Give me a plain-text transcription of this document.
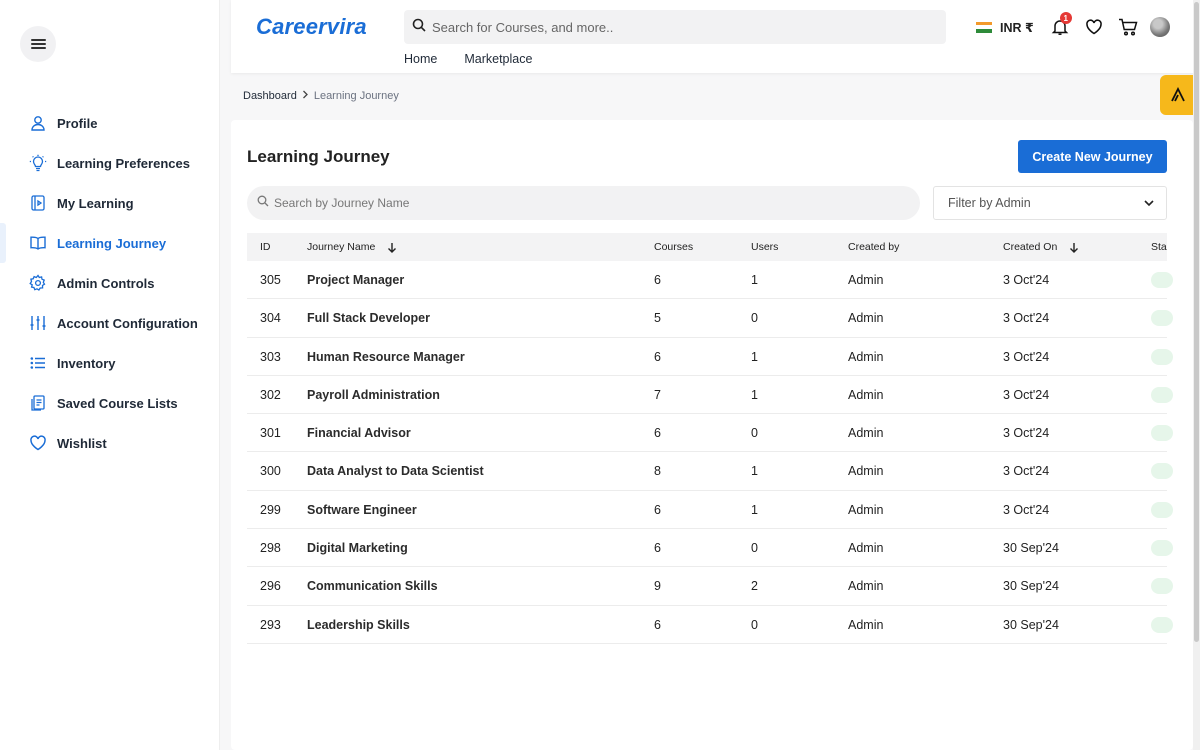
Profile
Learning Preferences
My Learning
Learning Journey
Admin Controls
Account Configuration
Inventory
Saved Course Lists
Wishlist
Careervira
Search for Courses, and more..
Home Marketplace
INR ₹
1
Dashboard Learning Journey
Learning Journey	Create New Journey
Search by Journey Name
Filter by Admin
ID	Journey Name	Courses	Users	Created by	Created On	Sta
305 Project Manager	6	1	Admin	3 Oct'24
304 Full Stack Developer	5	0	Admin	3 Oct'24
303 Human Resource Manager	6	1	Admin	3 Oct'24
302 Payroll Administration	7	1	Admin	3 Oct'24
301 Financial Advisor	6	0	Admin	3 Oct'24
300 Data Analyst to Data Scientist	8	1	Admin	3 Oct'24
299 Software Engineer	6	1	Admin	3 Oct'24
298 Digital Marketing	6	0	Admin	30 Sep'24
296 Communication Skills	9	2	Admin	30 Sep'24
293 Leadership Skills	6	0	Admin	30 Sep'24
